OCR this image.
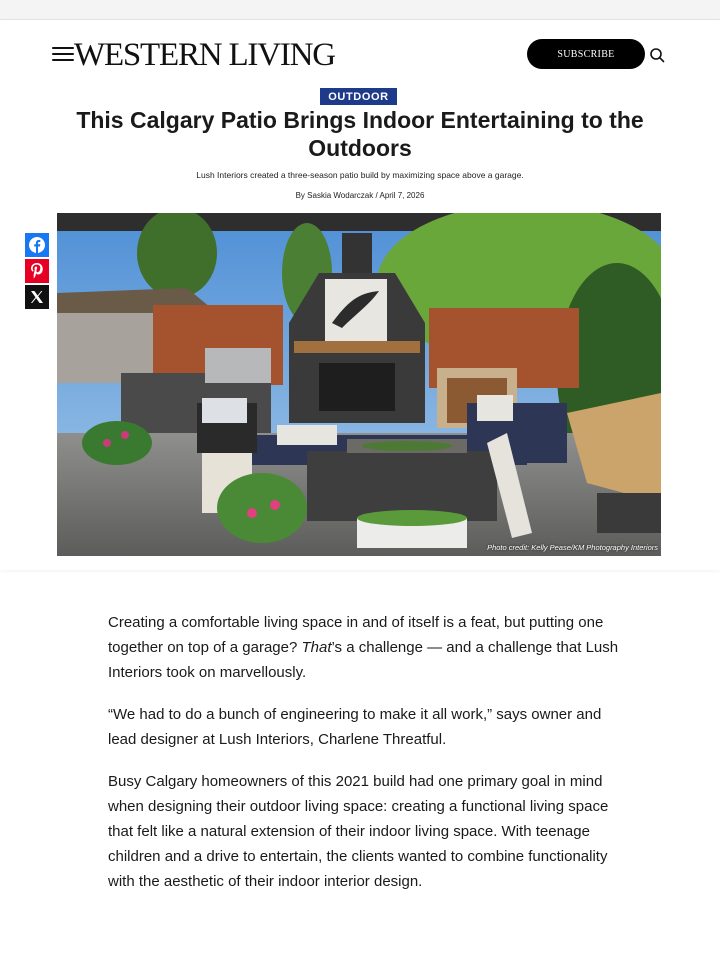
WESTERN LIVING	SUBSCRIBE
OUTDOOR
This Calgary Patio Brings Indoor Entertaining to the Outdoors
Lush Interiors created a three-season patio build by maximizing space above a garage.
By Saskia Wodarczak / April 7, 2026
Photo credit: Kelly Pease/KM Photography Interiors

Creating a comfortable living space in and of itself is a feat, but putting one together on top of a garage? That’s a challenge — and a challenge that Lush Interiors took on marvellously.

“We had to do a bunch of engineering to make it all work,” says owner and lead designer at Lush Interiors, Charlene Threatful.

Busy Calgary homeowners of this 2021 build had one primary goal in mind when designing their outdoor living space: creating a functional living space that felt like a natural extension of their indoor living space. With teenage children and a drive to entertain, the clients wanted to combine functionality with the aesthetic of their indoor interior design.
